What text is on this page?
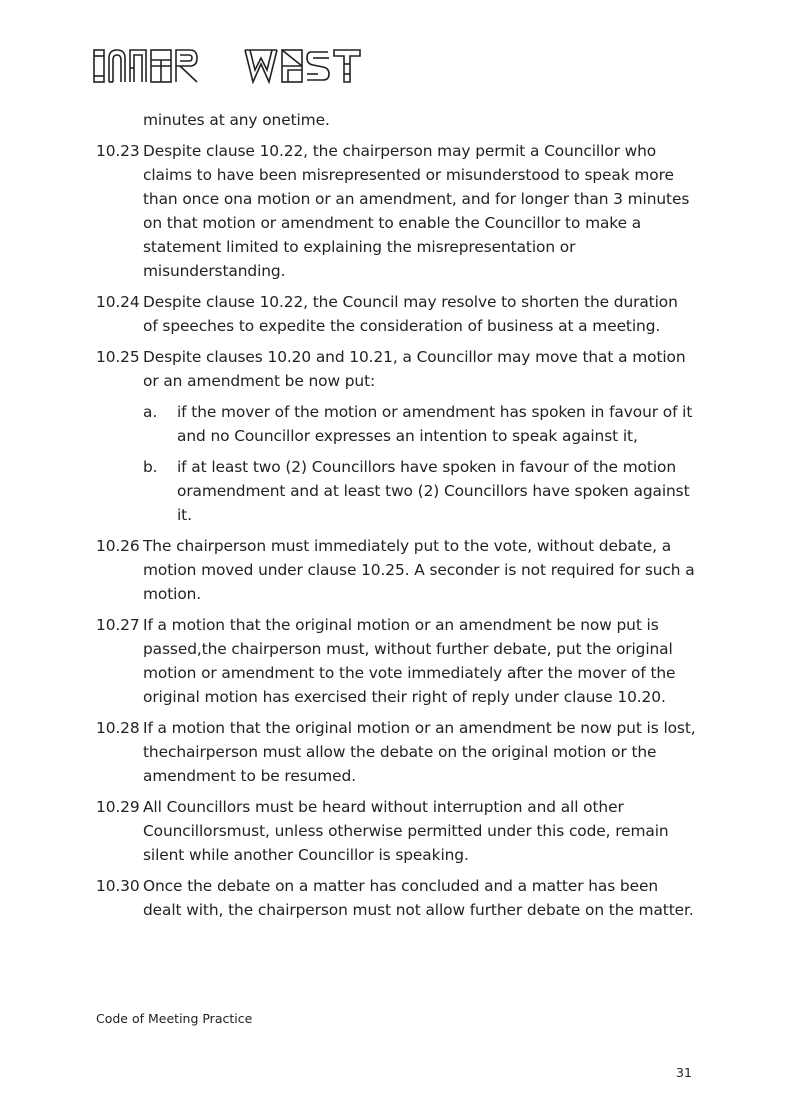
minutes at any onetime.
10.23 Despite clause 10.22, the chairperson may permit a Councillor who claims to have been misrepresented or misunderstood to speak more than once ona motion or an amendment, and for longer than 3 minutes on that motion or amendment to enable the Councillor to make a statement limited to explaining the misrepresentation or misunderstanding.
10.24 Despite clause 10.22, the Council may resolve to shorten the duration of speeches to expedite the consideration of business at a meeting.
10.25 Despite clauses 10.20 and 10.21, a Councillor may move that a motion or an amendment be now put:
a.	if the mover of the motion or amendment has spoken in favour of it and no Councillor expresses an intention to speak against it,
b.	if at least two (2) Councillors have spoken in favour of the motion oramendment and at least two (2) Councillors have spoken against it.
10.26 The chairperson must immediately put to the vote, without debate, a motion moved under clause 10.25. A seconder is not required for such a motion.
10.27 If a motion that the original motion or an amendment be now put is passed,the chairperson must, without further debate, put the original motion or amendment to the vote immediately after the mover of the original motion has exercised their right of reply under clause 10.20.
10.28 If a motion that the original motion or an amendment be now put is lost, thechairperson must allow the debate on the original motion or the amendment to be resumed.
10.29 All Councillors must be heard without interruption and all other Councillorsmust, unless otherwise permitted under this code, remain silent while another Councillor is speaking.
10.30 Once the debate on a matter has concluded and a matter has been dealt with, the chairperson must not allow further debate on the matter.
Code of Meeting Practice
31
